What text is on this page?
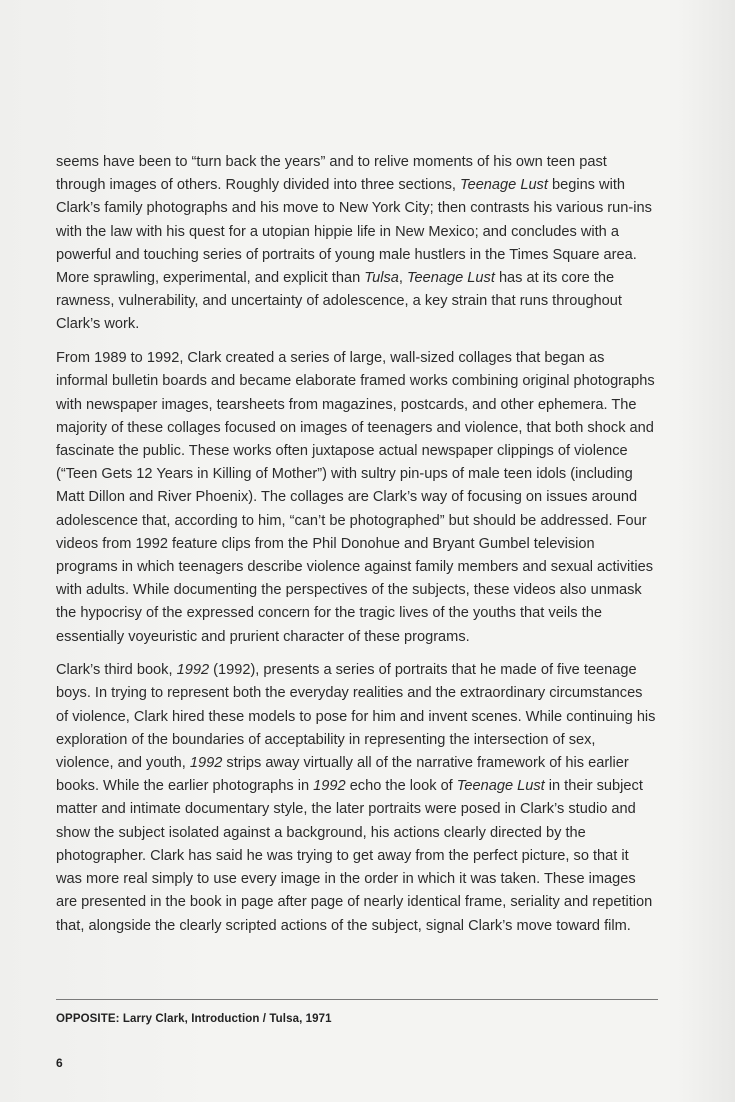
seems have been to “turn back the years” and to relive moments of his own teen past through images of others. Roughly divided into three sections, Teenage Lust begins with Clark’s family photographs and his move to New York City; then contrasts his various run-ins with the law with his quest for a utopian hippie life in New Mexico; and concludes with a powerful and touching series of portraits of young male hustlers in the Times Square area. More sprawling, experimental, and explicit than Tulsa, Teenage Lust has at its core the rawness, vulnerability, and uncertainty of adolescence, a key strain that runs throughout Clark’s work.

From 1989 to 1992, Clark created a series of large, wall-sized collages that began as informal bulletin boards and became elaborate framed works combining original photographs with newspaper images, tearsheets from magazines, postcards, and other ephemera. The majority of these collages focused on images of teenagers and violence, that both shock and fascinate the public. These works often juxtapose actual newspaper clippings of violence (“Teen Gets 12 Years in Killing of Mother”) with sultry pin-ups of male teen idols (including Matt Dillon and River Phoenix). The collages are Clark’s way of focusing on issues around adolescence that, according to him, “can’t be photographed” but should be addressed. Four videos from 1992 feature clips from the Phil Donohue and Bryant Gumbel television programs in which teenagers describe violence against family members and sexual activities with adults. While documenting the perspectives of the subjects, these videos also unmask the hypocrisy of the expressed concern for the tragic lives of the youths that veils the essentially voyeuristic and prurient character of these programs.

Clark’s third book, 1992 (1992), presents a series of portraits that he made of five teenage boys. In trying to represent both the everyday realities and the extraordinary circumstances of violence, Clark hired these models to pose for him and invent scenes. While continuing his exploration of the boundaries of acceptability in representing the intersection of sex, violence, and youth, 1992 strips away virtually all of the narrative framework of his earlier books. While the earlier photographs in 1992 echo the look of Teenage Lust in their subject matter and intimate documentary style, the later portraits were posed in Clark’s studio and show the subject isolated against a background, his actions clearly directed by the photographer. Clark has said he was trying to get away from the perfect picture, so that it was more real simply to use every image in the order in which it was taken. These images are presented in the book in page after page of nearly identical frame, seriality and repetition that, alongside the clearly scripted actions of the subject, signal Clark’s move toward film.

OPPOSITE: Larry Clark, Introduction / Tulsa, 1971
6
